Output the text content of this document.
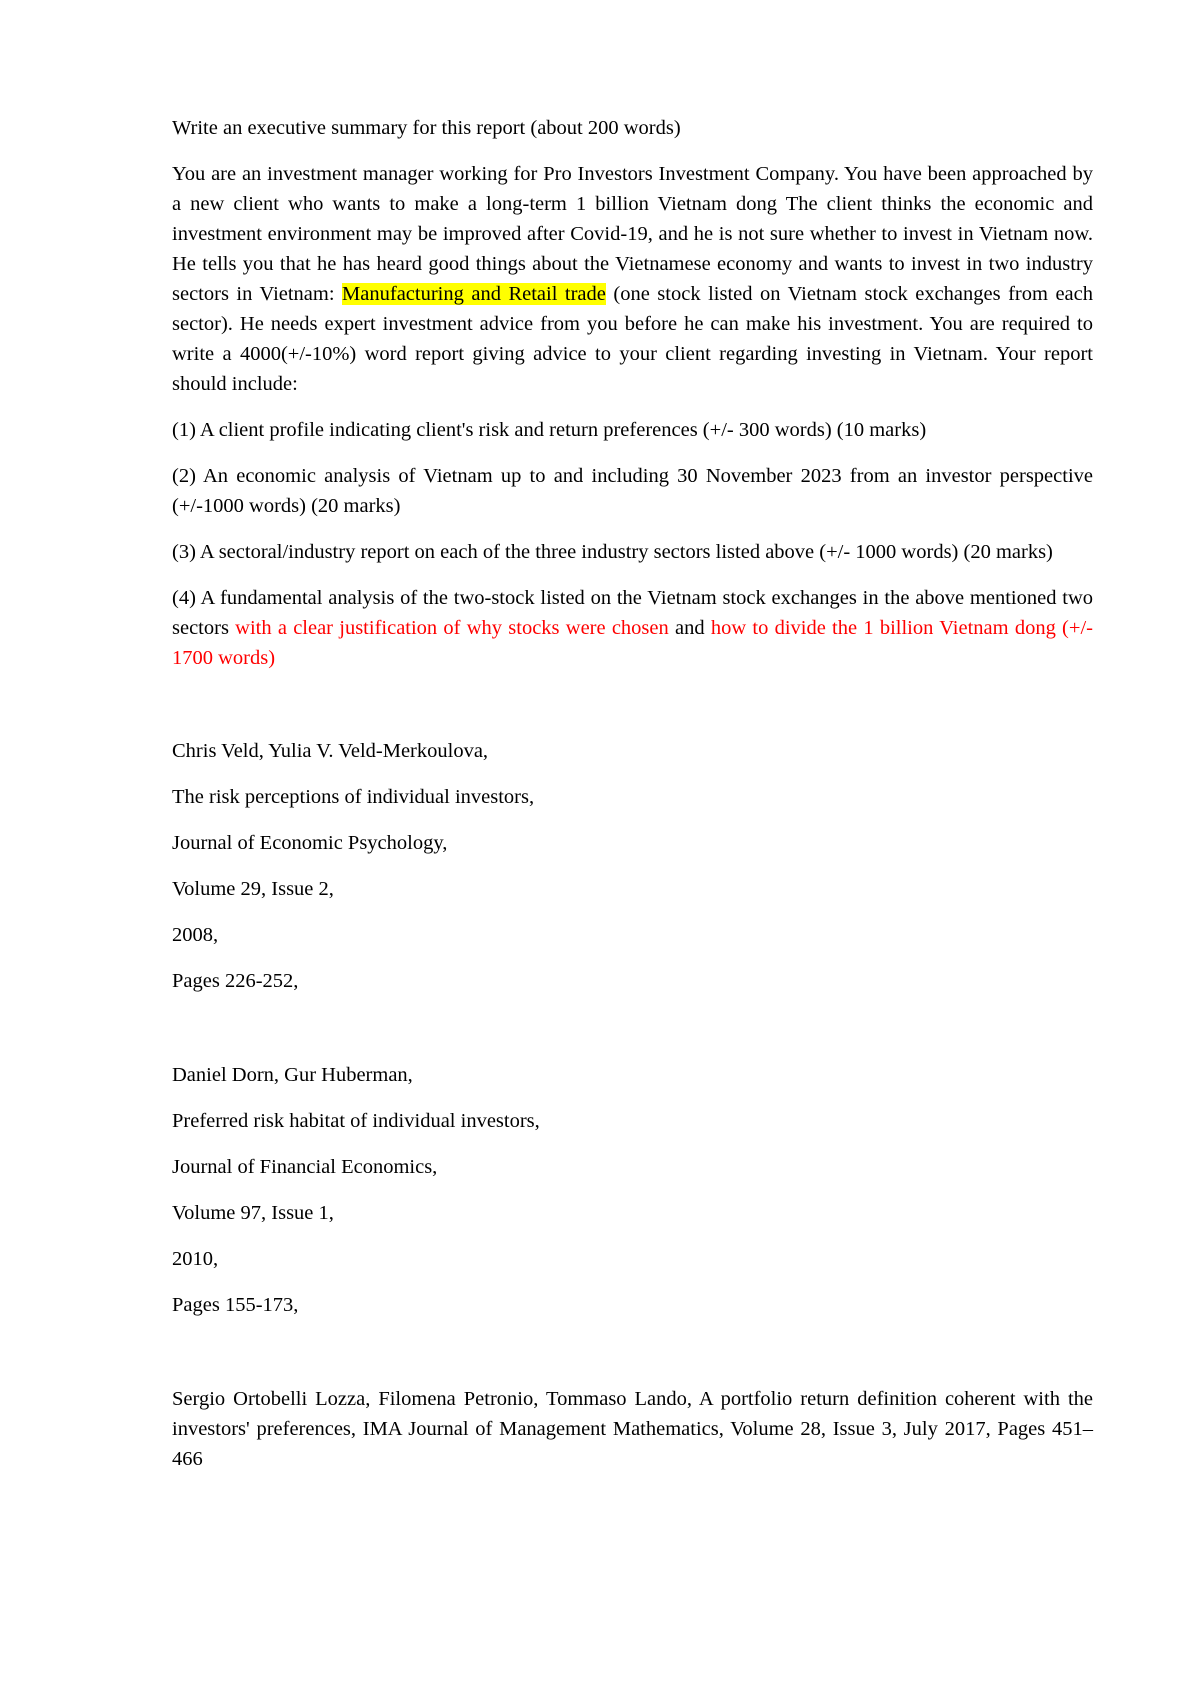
Write an executive summary for this report (about 200 words)

You are an investment manager working for Pro Investors Investment Company. You have been approached by a new client who wants to make a long-term 1 billion Vietnam dong The client thinks the economic and investment environment may be improved after Covid-19, and he is not sure whether to invest in Vietnam now. He tells you that he has heard good things about the Vietnamese economy and wants to invest in two industry sectors in Vietnam: Manufacturing and Retail trade (one stock listed on Vietnam stock exchanges from each sector). He needs expert investment advice from you before he can make his investment. You are required to write a 4000(+/-10%) word report giving advice to your client regarding investing in Vietnam. Your report should include:

(1) A client profile indicating client's risk and return preferences (+/- 300 words) (10 marks)

(2) An economic analysis of Vietnam up to and including 30 November 2023 from an investor perspective (+/-1000 words) (20 marks)

(3) A sectoral/industry report on each of the three industry sectors listed above (+/- 1000 words) (20 marks)

(4) A fundamental analysis of the two-stock listed on the Vietnam stock exchanges in the above mentioned two sectors with a clear justification of why stocks were chosen and how to divide the 1 billion Vietnam dong (+/- 1700 words)

Chris Veld, Yulia V. Veld-Merkoulova,

The risk perceptions of individual investors,

Journal of Economic Psychology,

Volume 29, Issue 2,

2008,

Pages 226-252,

Daniel Dorn, Gur Huberman,

Preferred risk habitat of individual investors,

Journal of Financial Economics,

Volume 97, Issue 1,

2010,

Pages 155-173,

Sergio Ortobelli Lozza, Filomena Petronio, Tommaso Lando, A portfolio return definition coherent with the investors' preferences, IMA Journal of Management Mathematics, Volume 28, Issue 3, July 2017, Pages 451–466
